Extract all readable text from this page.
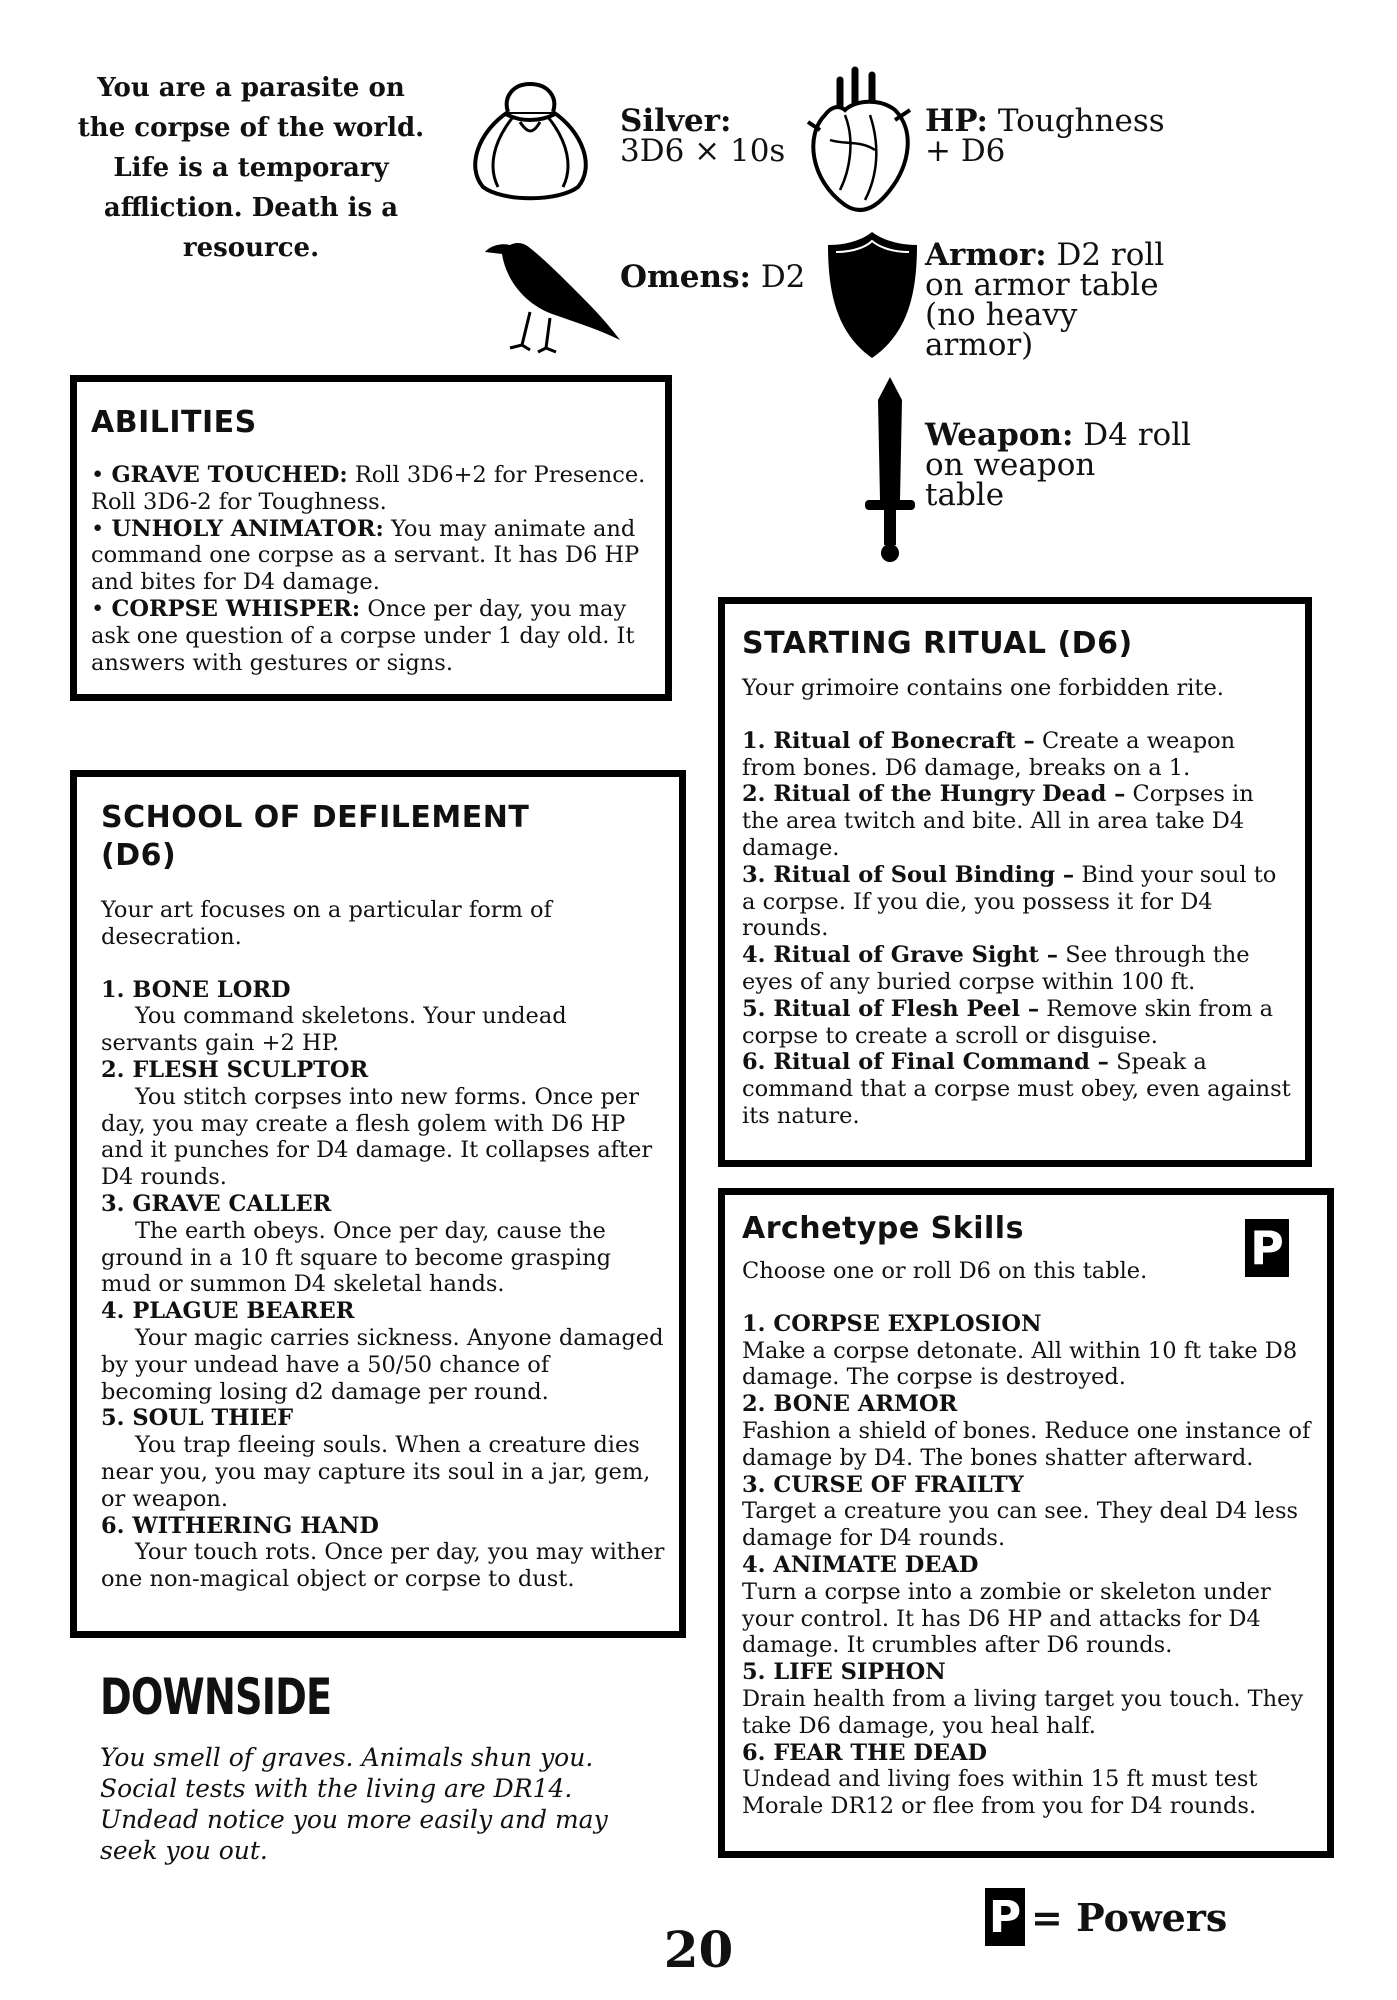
You are a parasite on
the corpse of the world.
Life is a temporary
affliction. Death is a
resource.
Silver:
3D6 × 10s
HP: Toughness
+ D6
Omens: D2
Armor: D2 roll
on armor table
(no heavy
armor)
Weapon: D4 roll
on weapon
table
ABILITIES

• GRAVE TOUCHED: Roll 3D6+2 for Presence. Roll 3D6-2 for Toughness.

• UNHOLY ANIMATOR: You may animate and command one corpse as a servant. It has D6 HP and bites for D4 damage.

• CORPSE WHISPER: Once per day, you may ask one question of a corpse under 1 day old. It answers with gestures or signs.

SCHOOL OF DEFILEMENT (D6)

Your art focuses on a particular form of desecration.

1. BONE LORD

You command skeletons. Your undead servants gain +2 HP.

2. FLESH SCULPTOR

You stitch corpses into new forms. Once per day, you may create a flesh golem with D6 HP and it punches for D4 damage. It collapses after D4 rounds.

3. GRAVE CALLER

The earth obeys. Once per day, cause the ground in a 10 ft square to become grasping mud or summon D4 skeletal hands.

4. PLAGUE BEARER

Your magic carries sickness. Anyone damaged by your undead have a 50/50 chance of becoming losing d2 damage per round.

5. SOUL THIEF

You trap fleeing souls. When a creature dies near you, you may capture its soul in a jar, gem, or weapon.

6. WITHERING HAND

Your touch rots. Once per day, you may wither one non-magical object or corpse to dust.

STARTING RITUAL (D6)

Your grimoire contains one forbidden rite.

1. Ritual of Bonecraft – Create a weapon from bones. D6 damage, breaks on a 1.

2. Ritual of the Hungry Dead – Corpses in the area twitch and bite. All in area take D4 damage.

3. Ritual of Soul Binding – Bind your soul to a corpse. If you die, you possess it for D4 rounds.

4. Ritual of Grave Sight – See through the eyes of any buried corpse within 100 ft.

5. Ritual of Flesh Peel – Remove skin from a corpse to create a scroll or disguise.

6. Ritual of Final Command – Speak a command that a corpse must obey, even against its nature.

Archetype Skills	P

Choose one or roll D6 on this table.

1. CORPSE EXPLOSION

Make a corpse detonate. All within 10 ft take D8 damage. The corpse is destroyed.

2. BONE ARMOR

Fashion a shield of bones. Reduce one instance of damage by D4. The bones shatter afterward.

3. CURSE OF FRAILTY

Target a creature you can see. They deal D4 less damage for D4 rounds.

4. ANIMATE DEAD

Turn a corpse into a zombie or skeleton under your control. It has D6 HP and attacks for D4 damage. It crumbles after D6 rounds.

5. LIFE SIPHON

Drain health from a living target you touch. They take D6 damage, you heal half.

6. FEAR THE DEAD

Undead and living foes within 15 ft must test Morale DR12 or flee from you for D4 rounds.

DOWNSIDE
You smell of graves. Animals shun you. Social tests with the living are DR14. Undead notice you more easily and may seek you out.
P = Powers
20
